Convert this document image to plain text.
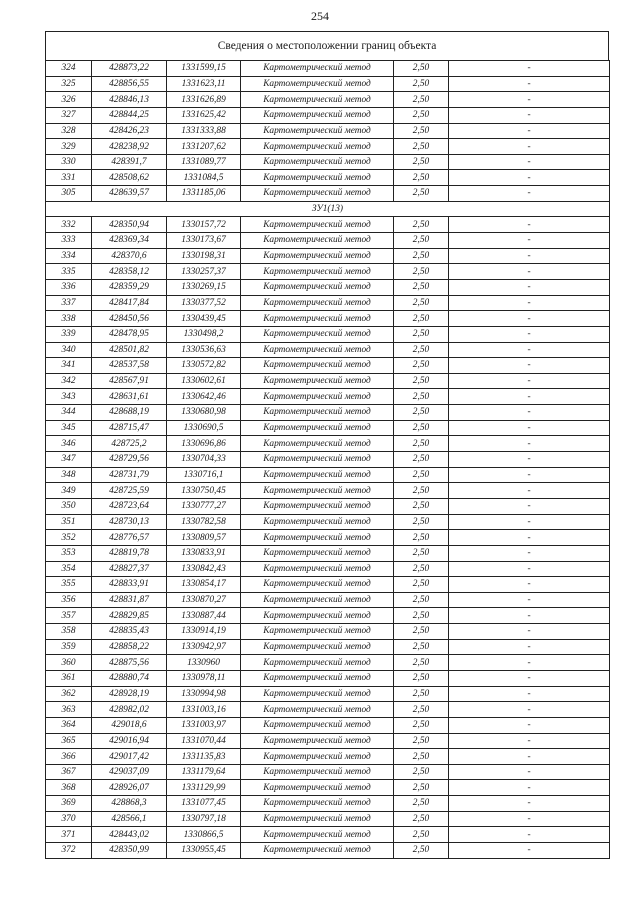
254
Сведения о местоположении границ объекта
324	428873,22	1331599,15	Картометрический метод	2,50	-
325	428856,55	1331623,11	Картометрический метод	2,50	-
326	428846,13	1331626,89	Картометрический метод	2,50	-
327	428844,25	1331625,42	Картометрический метод	2,50	-
328	428426,23	1331333,88	Картометрический метод	2,50	-
329	428238,92	1331207,62	Картометрический метод	2,50	-
330	428391,7	1331089,77	Картометрический метод	2,50	-
331	428508,62	1331084,5	Картометрический метод	2,50	-
305	428639,57	1331185,06	Картометрический метод	2,50	-
ЗУ1(13)					
332	428350,94	1330157,72	Картометрический метод	2,50	-
333	428369,34	1330173,67	Картометрический метод	2,50	-
334	428370,6	1330198,31	Картометрический метод	2,50	-
335	428358,12	1330257,37	Картометрический метод	2,50	-
336	428359,29	1330269,15	Картометрический метод	2,50	-
337	428417,84	1330377,52	Картометрический метод	2,50	-
338	428450,56	1330439,45	Картометрический метод	2,50	-
339	428478,95	1330498,2	Картометрический метод	2,50	-
340	428501,82	1330536,63	Картометрический метод	2,50	-
341	428537,58	1330572,82	Картометрический метод	2,50	-
342	428567,91	1330602,61	Картометрический метод	2,50	-
343	428631,61	1330642,46	Картометрический метод	2,50	-
344	428688,19	1330680,98	Картометрический метод	2,50	-
345	428715,47	1330690,5	Картометрический метод	2,50	-
346	428725,2	1330696,86	Картометрический метод	2,50	-
347	428729,56	1330704,33	Картометрический метод	2,50	-
348	428731,79	1330716,1	Картометрический метод	2,50	-
349	428725,59	1330750,45	Картометрический метод	2,50	-
350	428723,64	1330777,27	Картометрический метод	2,50	-
351	428730,13	1330782,58	Картометрический метод	2,50	-
352	428776,57	1330809,57	Картометрический метод	2,50	-
353	428819,78	1330833,91	Картометрический метод	2,50	-
354	428827,37	1330842,43	Картометрический метод	2,50	-
355	428833,91	1330854,17	Картометрический метод	2,50	-
356	428831,87	1330870,27	Картометрический метод	2,50	-
357	428829,85	1330887,44	Картометрический метод	2,50	-
358	428835,43	1330914,19	Картометрический метод	2,50	-
359	428858,22	1330942,97	Картометрический метод	2,50	-
360	428875,56	1330960	Картометрический метод	2,50	-
361	428880,74	1330978,11	Картометрический метод	2,50	-
362	428928,19	1330994,98	Картометрический метод	2,50	-
363	428982,02	1331003,16	Картометрический метод	2,50	-
364	429018,6	1331003,97	Картометрический метод	2,50	-
365	429016,94	1331070,44	Картометрический метод	2,50	-
366	429017,42	1331135,83	Картометрический метод	2,50	-
367	429037,09	1331179,64	Картометрический метод	2,50	-
368	428926,07	1331129,99	Картометрический метод	2,50	-
369	428868,3	1331077,45	Картометрический метод	2,50	-
370	428566,1	1330797,18	Картометрический метод	2,50	-
371	428443,02	1330866,5	Картометрический метод	2,50	-
372	428350,99	1330955,45	Картометрический метод	2,50	-
